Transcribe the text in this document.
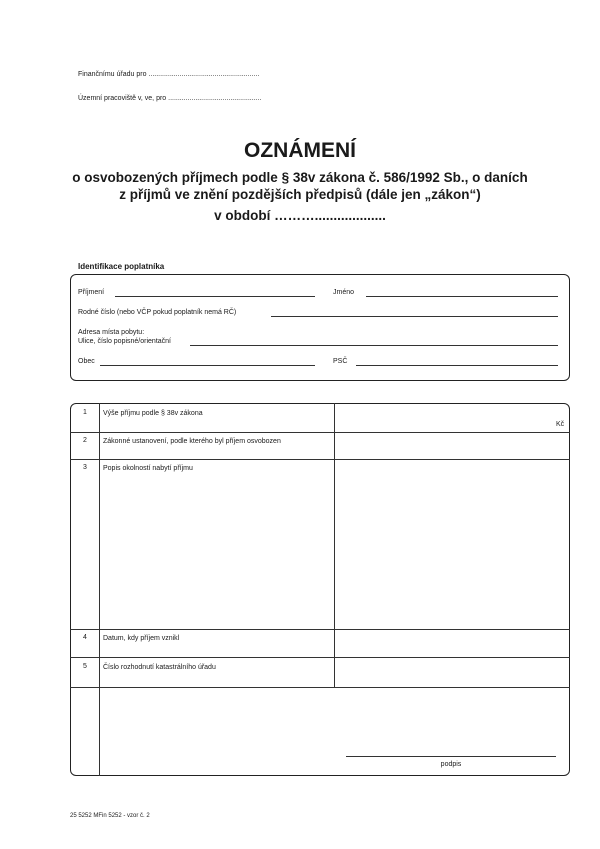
Finančnímu úřadu pro .........................................................
Územní pracoviště v, ve, pro ................................................
OZNÁMENÍ
o osvobozených příjmech podle § 38v zákona č. 586/1992 Sb., o daních
z příjmů ve znění pozdějších předpisů (dále jen „zákon“)
v období ………...................
Identifikace poplatníka
Příjmení	Jméno
Rodné číslo (nebo VČP pokud poplatník nemá RČ)
Adresa místa pobytu:
Ulice, číslo popisné/orientační
Obec	PSČ
1	Výše příjmu podle § 38v zákona
Kč
2	Zákonné ustanovení, podle kterého byl příjem osvobozen
3	Popis okolností nabytí příjmu
4	Datum, kdy příjem vznikl
5	Číslo rozhodnutí katastrálního úřadu
podpis
25 5252 MFin 5252 - vzor č. 2
